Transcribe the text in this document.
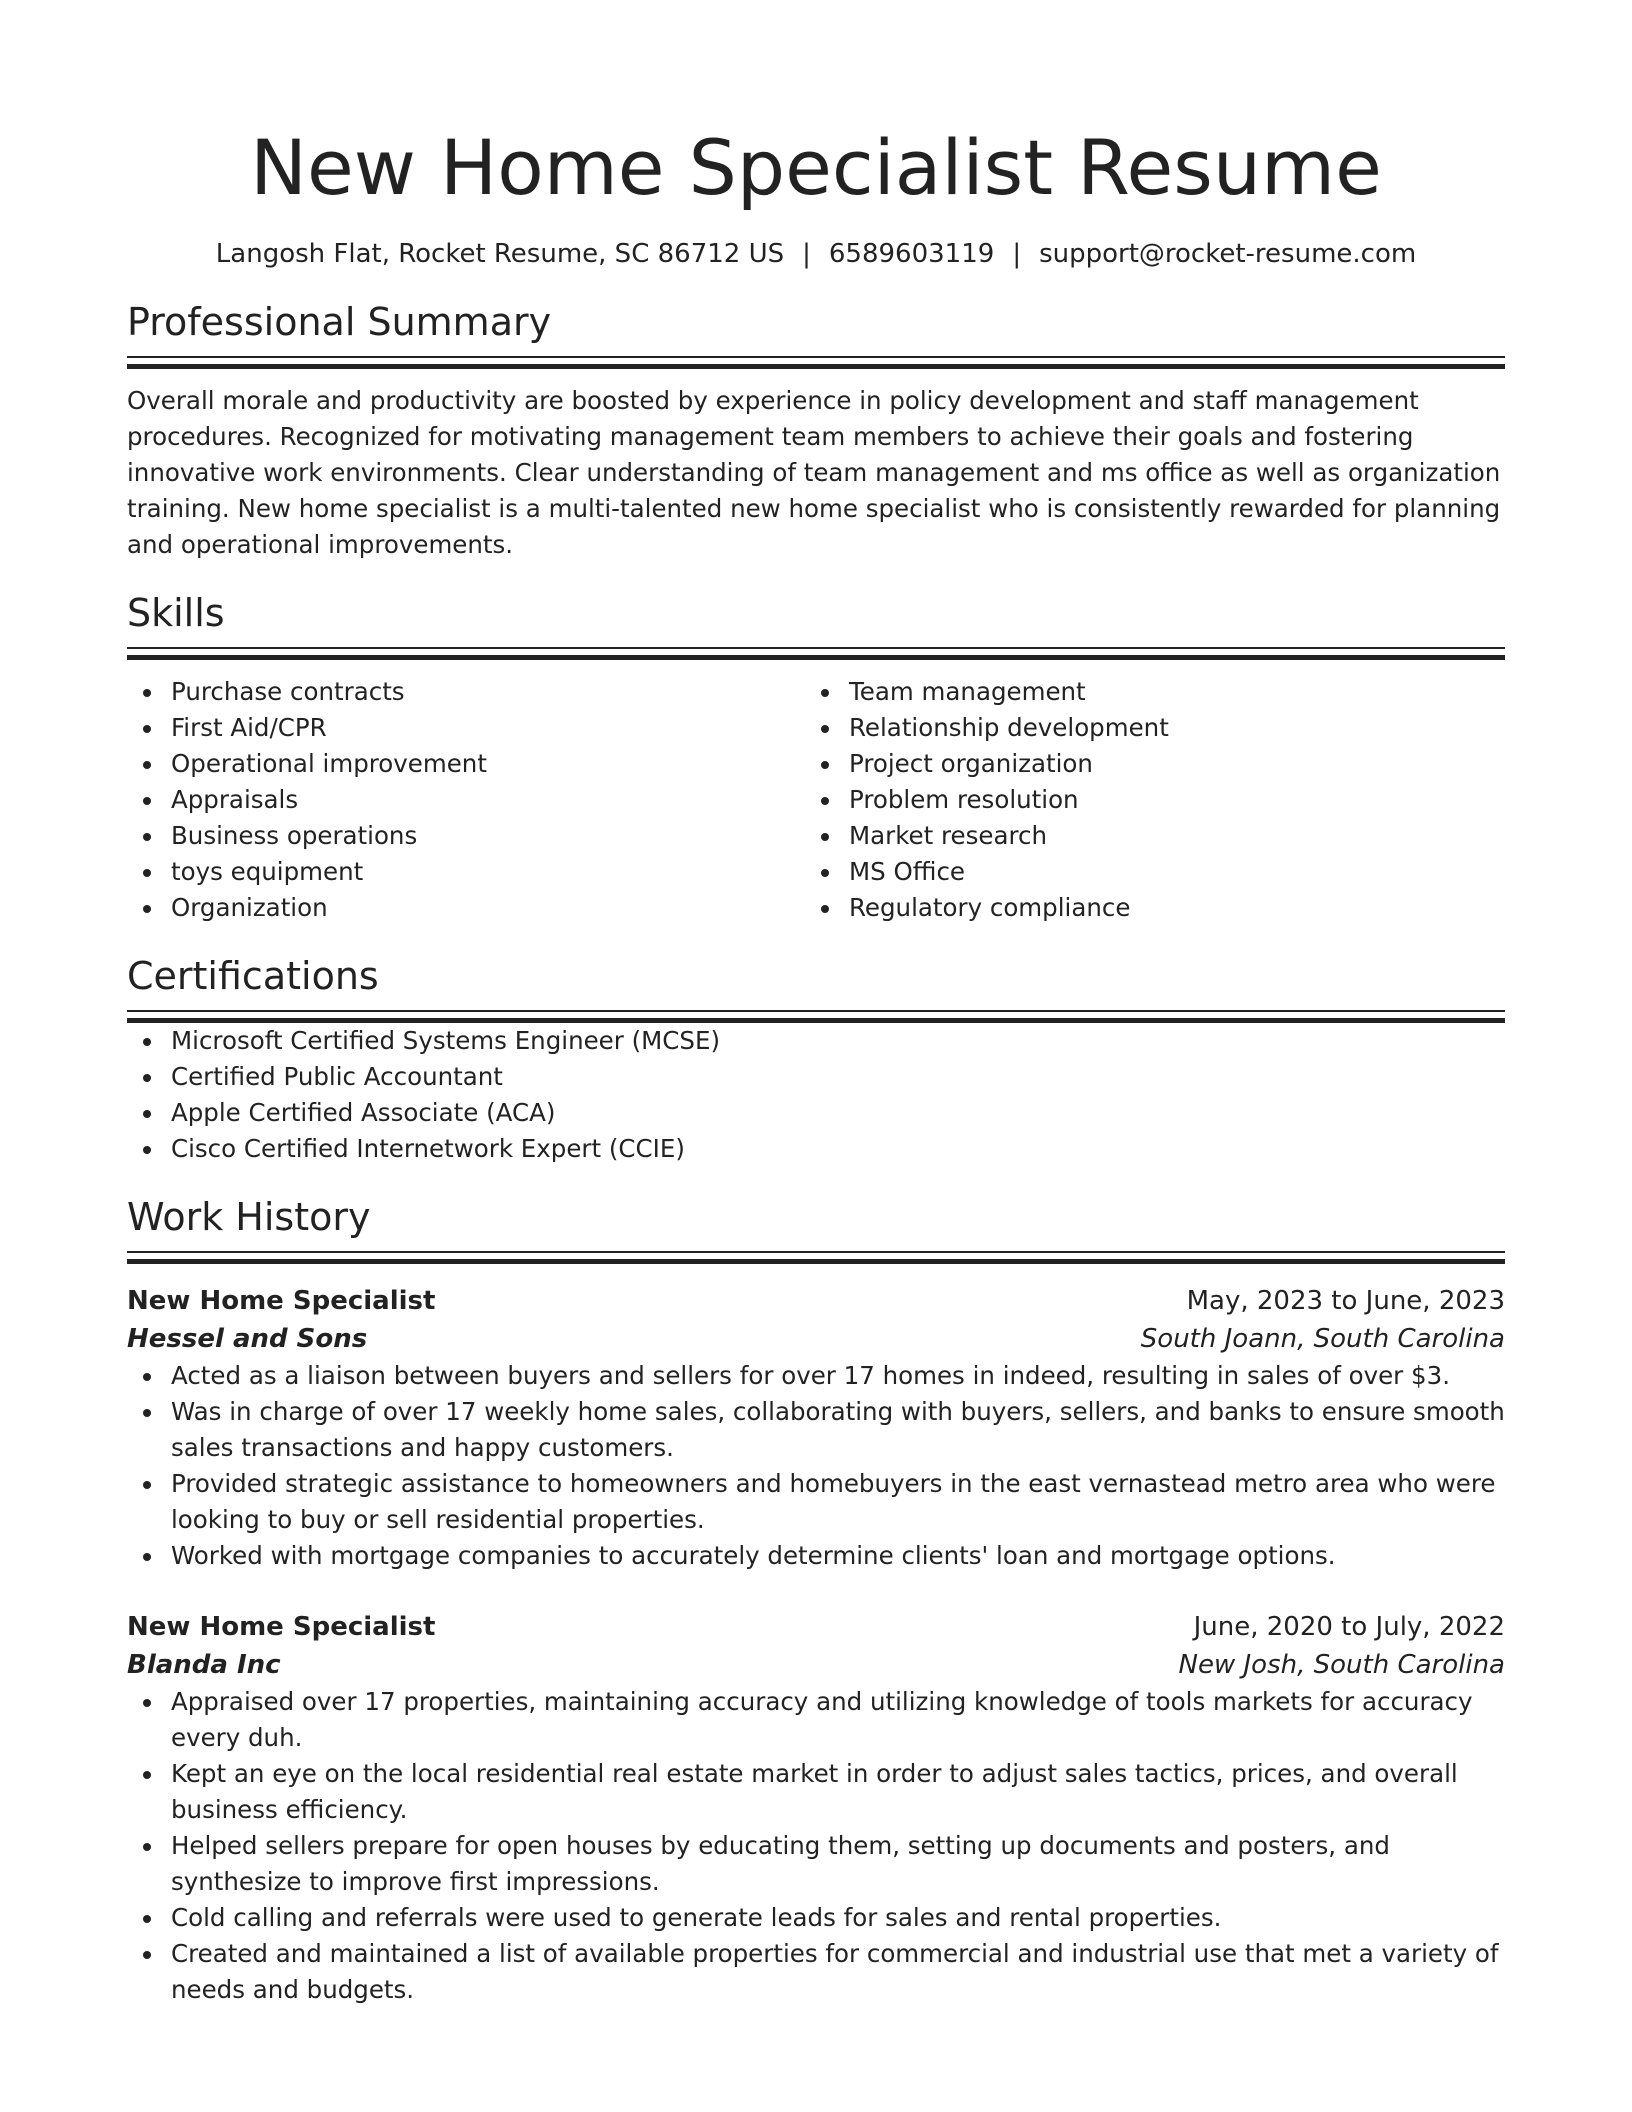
New Home Specialist Resume
Langosh Flat, Rocket Resume, SC 86712 US | 6589603119 | support@rocket-resume.com
Professional Summary

Overall morale and productivity are boosted by experience in policy development and staff management procedures. Recognized for motivating management team members to achieve their goals and fostering innovative work environments. Clear understanding of team management and ms office as well as organization training. New home specialist is a multi-talented new home specialist who is consistently rewarded for planning and operational improvements.

Skills
Purchase contracts
First Aid/CPR
Operational improvement
Appraisals
Business operations
toys equipment
Organization
Team management
Relationship development
Project organization
Problem resolution
Market research
MS Office
Regulatory compliance
Certifications
Microsoft Certified Systems Engineer (MCSE)
Certified Public Accountant
Apple Certified Associate (ACA)
Cisco Certified Internetwork Expert (CCIE)
Work History
New Home Specialist	May, 2023 to June, 2023
Hessel and Sons	South Joann, South Carolina
Acted as a liaison between buyers and sellers for over 17 homes in indeed, resulting in sales of over $3.
Was in charge of over 17 weekly home sales, collaborating with buyers, sellers, and banks to ensure smooth sales transactions and happy customers.
Provided strategic assistance to homeowners and homebuyers in the east vernastead metro area who were looking to buy or sell residential properties.
Worked with mortgage companies to accurately determine clients' loan and mortgage options.
New Home Specialist	June, 2020 to July, 2022
Blanda Inc	New Josh, South Carolina
Appraised over 17 properties, maintaining accuracy and utilizing knowledge of tools markets for accuracy every duh.
Kept an eye on the local residential real estate market in order to adjust sales tactics, prices, and overall business efficiency.
Helped sellers prepare for open houses by educating them, setting up documents and posters, and synthesize to improve first impressions.
Cold calling and referrals were used to generate leads for sales and rental properties.
Created and maintained a list of available properties for commercial and industrial use that met a variety of needs and budgets.
